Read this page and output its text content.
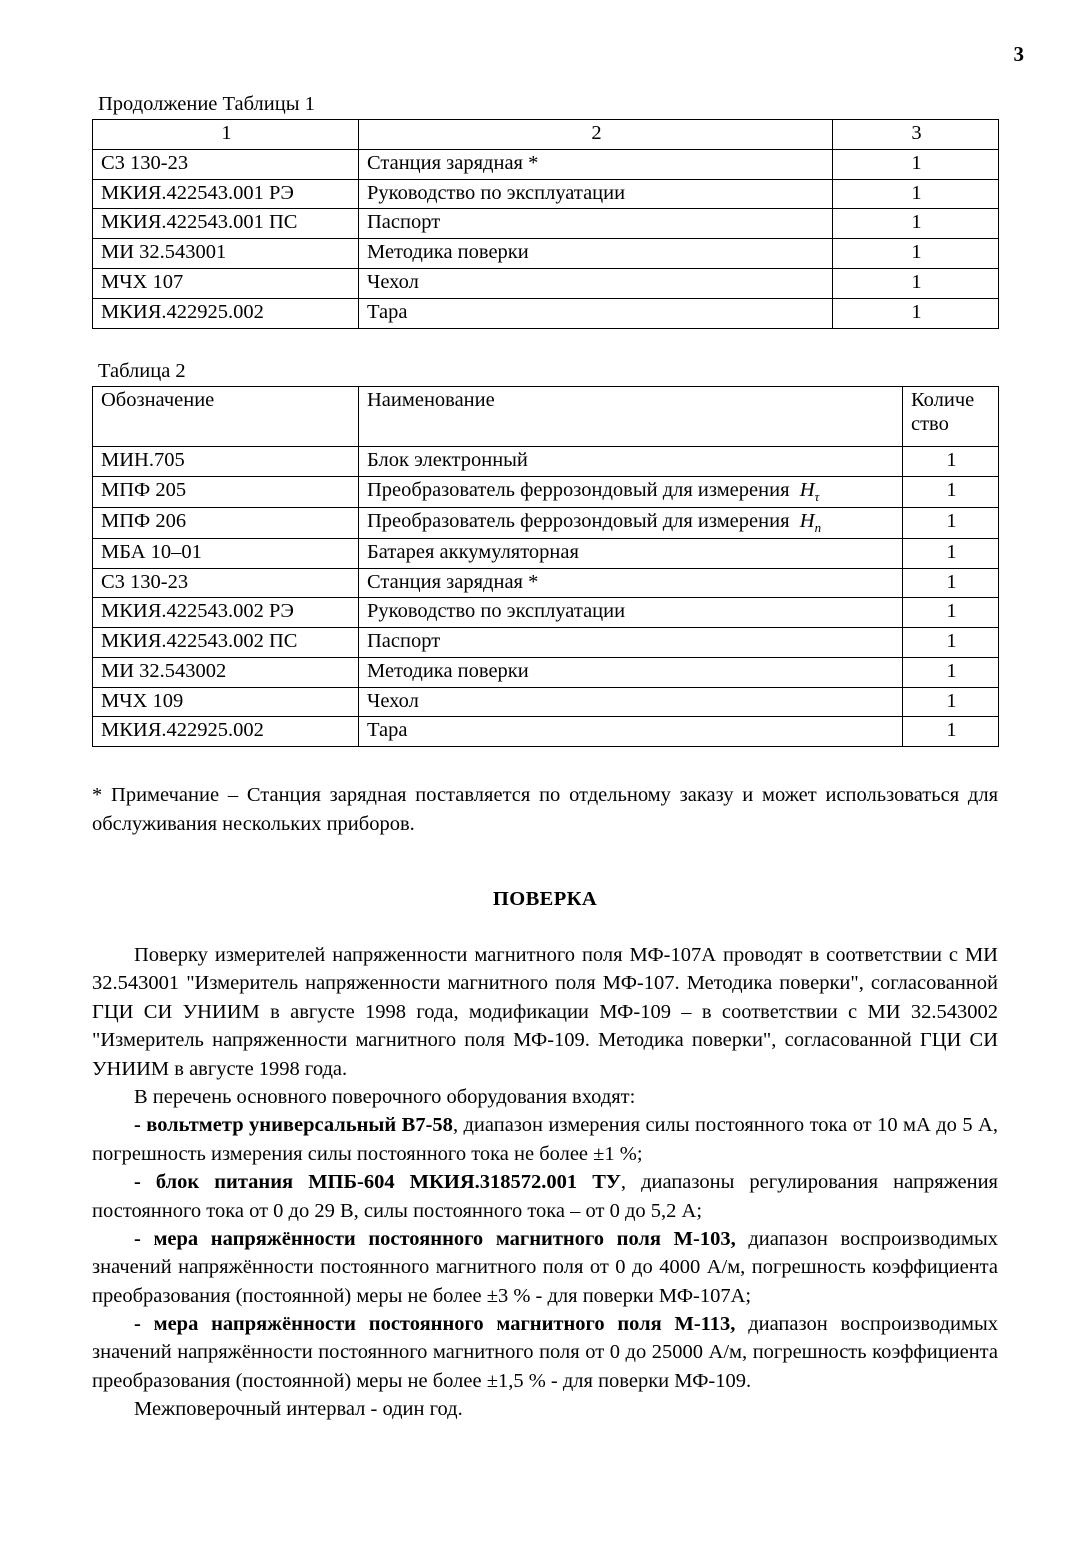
3
Продолжение Таблицы 1
1	2	3
С3 130-23	Станция зарядная *	1
МКИЯ.422543.001 РЭ	Руководство по эксплуатации	1
МКИЯ.422543.001 ПС	Паспорт	1
МИ 32.543001	Методика поверки	1
МЧХ 107	Чехол	1
МКИЯ.422925.002	Тара	1
Таблица 2
Обозначение	Наименование	Количе
ство
МИН.705	Блок электронный	1
МПФ 205	Преобразователь феррозондовый для измерения $H_\tau$	1
МПФ 206	Преобразователь феррозондовый для измерения $H_n$	1
МБА 10–01	Батарея аккумуляторная	1
С3 130-23	Станция зарядная *	1
МКИЯ.422543.002 РЭ	Руководство по эксплуатации	1
МКИЯ.422543.002 ПС	Паспорт	1
МИ 32.543002	Методика поверки	1
МЧХ 109	Чехол	1
МКИЯ.422925.002	Тара	1

* Примечание – Станция зарядная поставляется по отдельному заказу и может использоваться для обслуживания нескольких приборов.

ПОВЕРКА

Поверку измерителей напряженности магнитного поля МФ-107А проводят в соответствии с МИ 32.543001 "Измеритель напряженности магнитного поля МФ-107. Методика поверки", согласованной ГЦИ СИ УНИИМ в августе 1998 года, модификации МФ-109 – в соответствии с МИ 32.543002 "Измеритель напряженности магнитного поля МФ-109. Методика поверки", согласованной ГЦИ СИ УНИИМ в августе 1998 года.

В перечень основного поверочного оборудования входят:

- вольтметр универсальный В7-58, диапазон измерения силы постоянного тока от 10 мА до 5 А, погрешность измерения силы постоянного тока не более ±1 %;

- блок питания МПБ-604 МКИЯ.318572.001 ТУ, диапазоны регулирования напряжения постоянного тока от 0 до 29 В, силы постоянного тока – от 0 до 5,2 А;

- мера напряжённости постоянного магнитного поля М-103, диапазон воспроизводимых значений напряжённости постоянного магнитного поля от 0 до 4000 А/м, погрешность коэффициента преобразования (постоянной) меры не более ±3 % - для поверки МФ-107А;

- мера напряжённости постоянного магнитного поля М-113, диапазон воспроизводимых значений напряжённости постоянного магнитного поля от 0 до 25000 А/м, погрешность коэффициента преобразования (постоянной) меры не более ±1,5 % - для поверки МФ-109.

Межповерочный интервал - один год.
